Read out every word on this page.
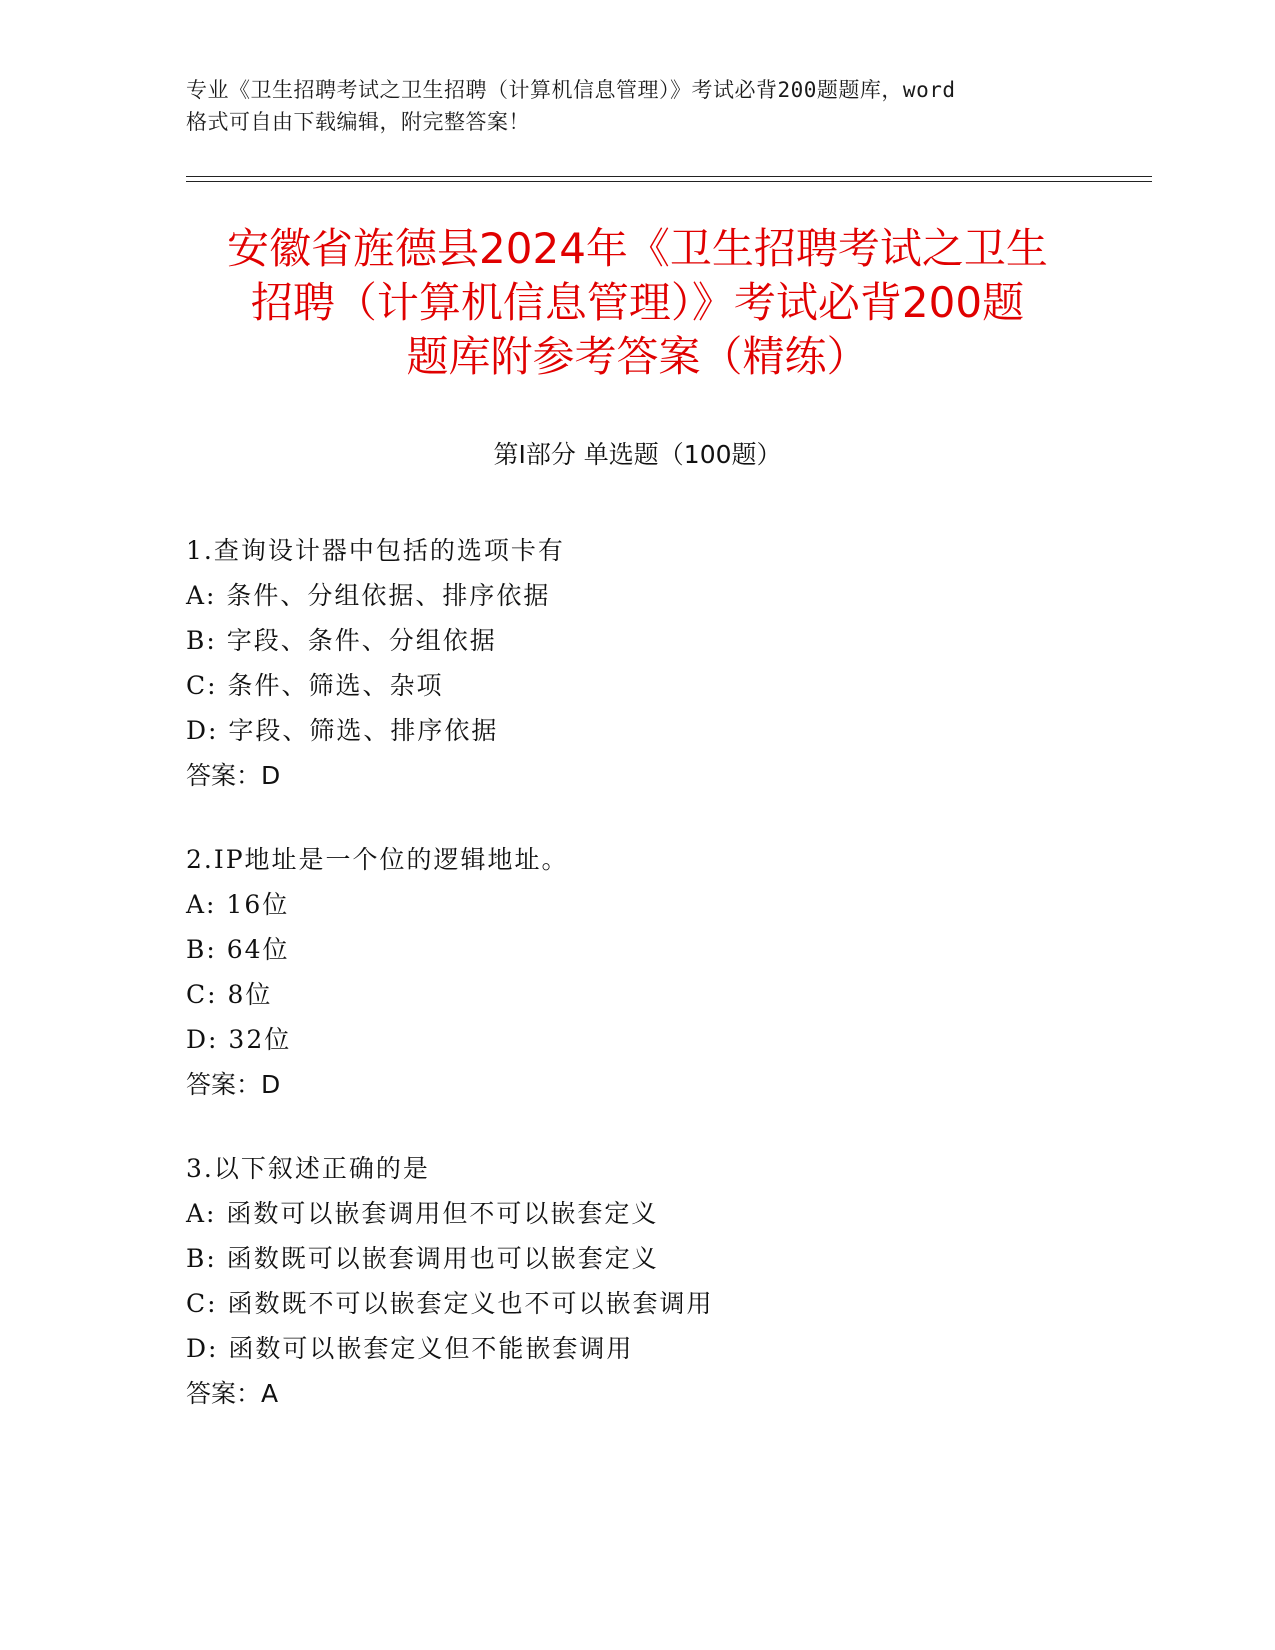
专业《卫生招聘考试之卫生招聘（计算机信息管理）》考试必背200题题库，word
格式可自由下载编辑，附完整答案！
安徽省旌德县2024年《卫生招聘考试之卫生
招聘（计算机信息管理）》考试必背200题
题库附参考答案（精练）
第Ⅰ部分 单选题（100题）
1.查询设计器中包括的选项卡有
A: 条件、分组依据、排序依据
B: 字段、条件、分组依据
C: 条件、筛选、杂项
D: 字段、筛选、排序依据
答案：D
2.IP地址是一个位的逻辑地址。
A: 16位
B: 64位
C: 8位
D: 32位
答案：D
3.以下叙述正确的是
A: 函数可以嵌套调用但不可以嵌套定义
B: 函数既可以嵌套调用也可以嵌套定义
C: 函数既不可以嵌套定义也不可以嵌套调用
D: 函数可以嵌套定义但不能嵌套调用
答案：A
